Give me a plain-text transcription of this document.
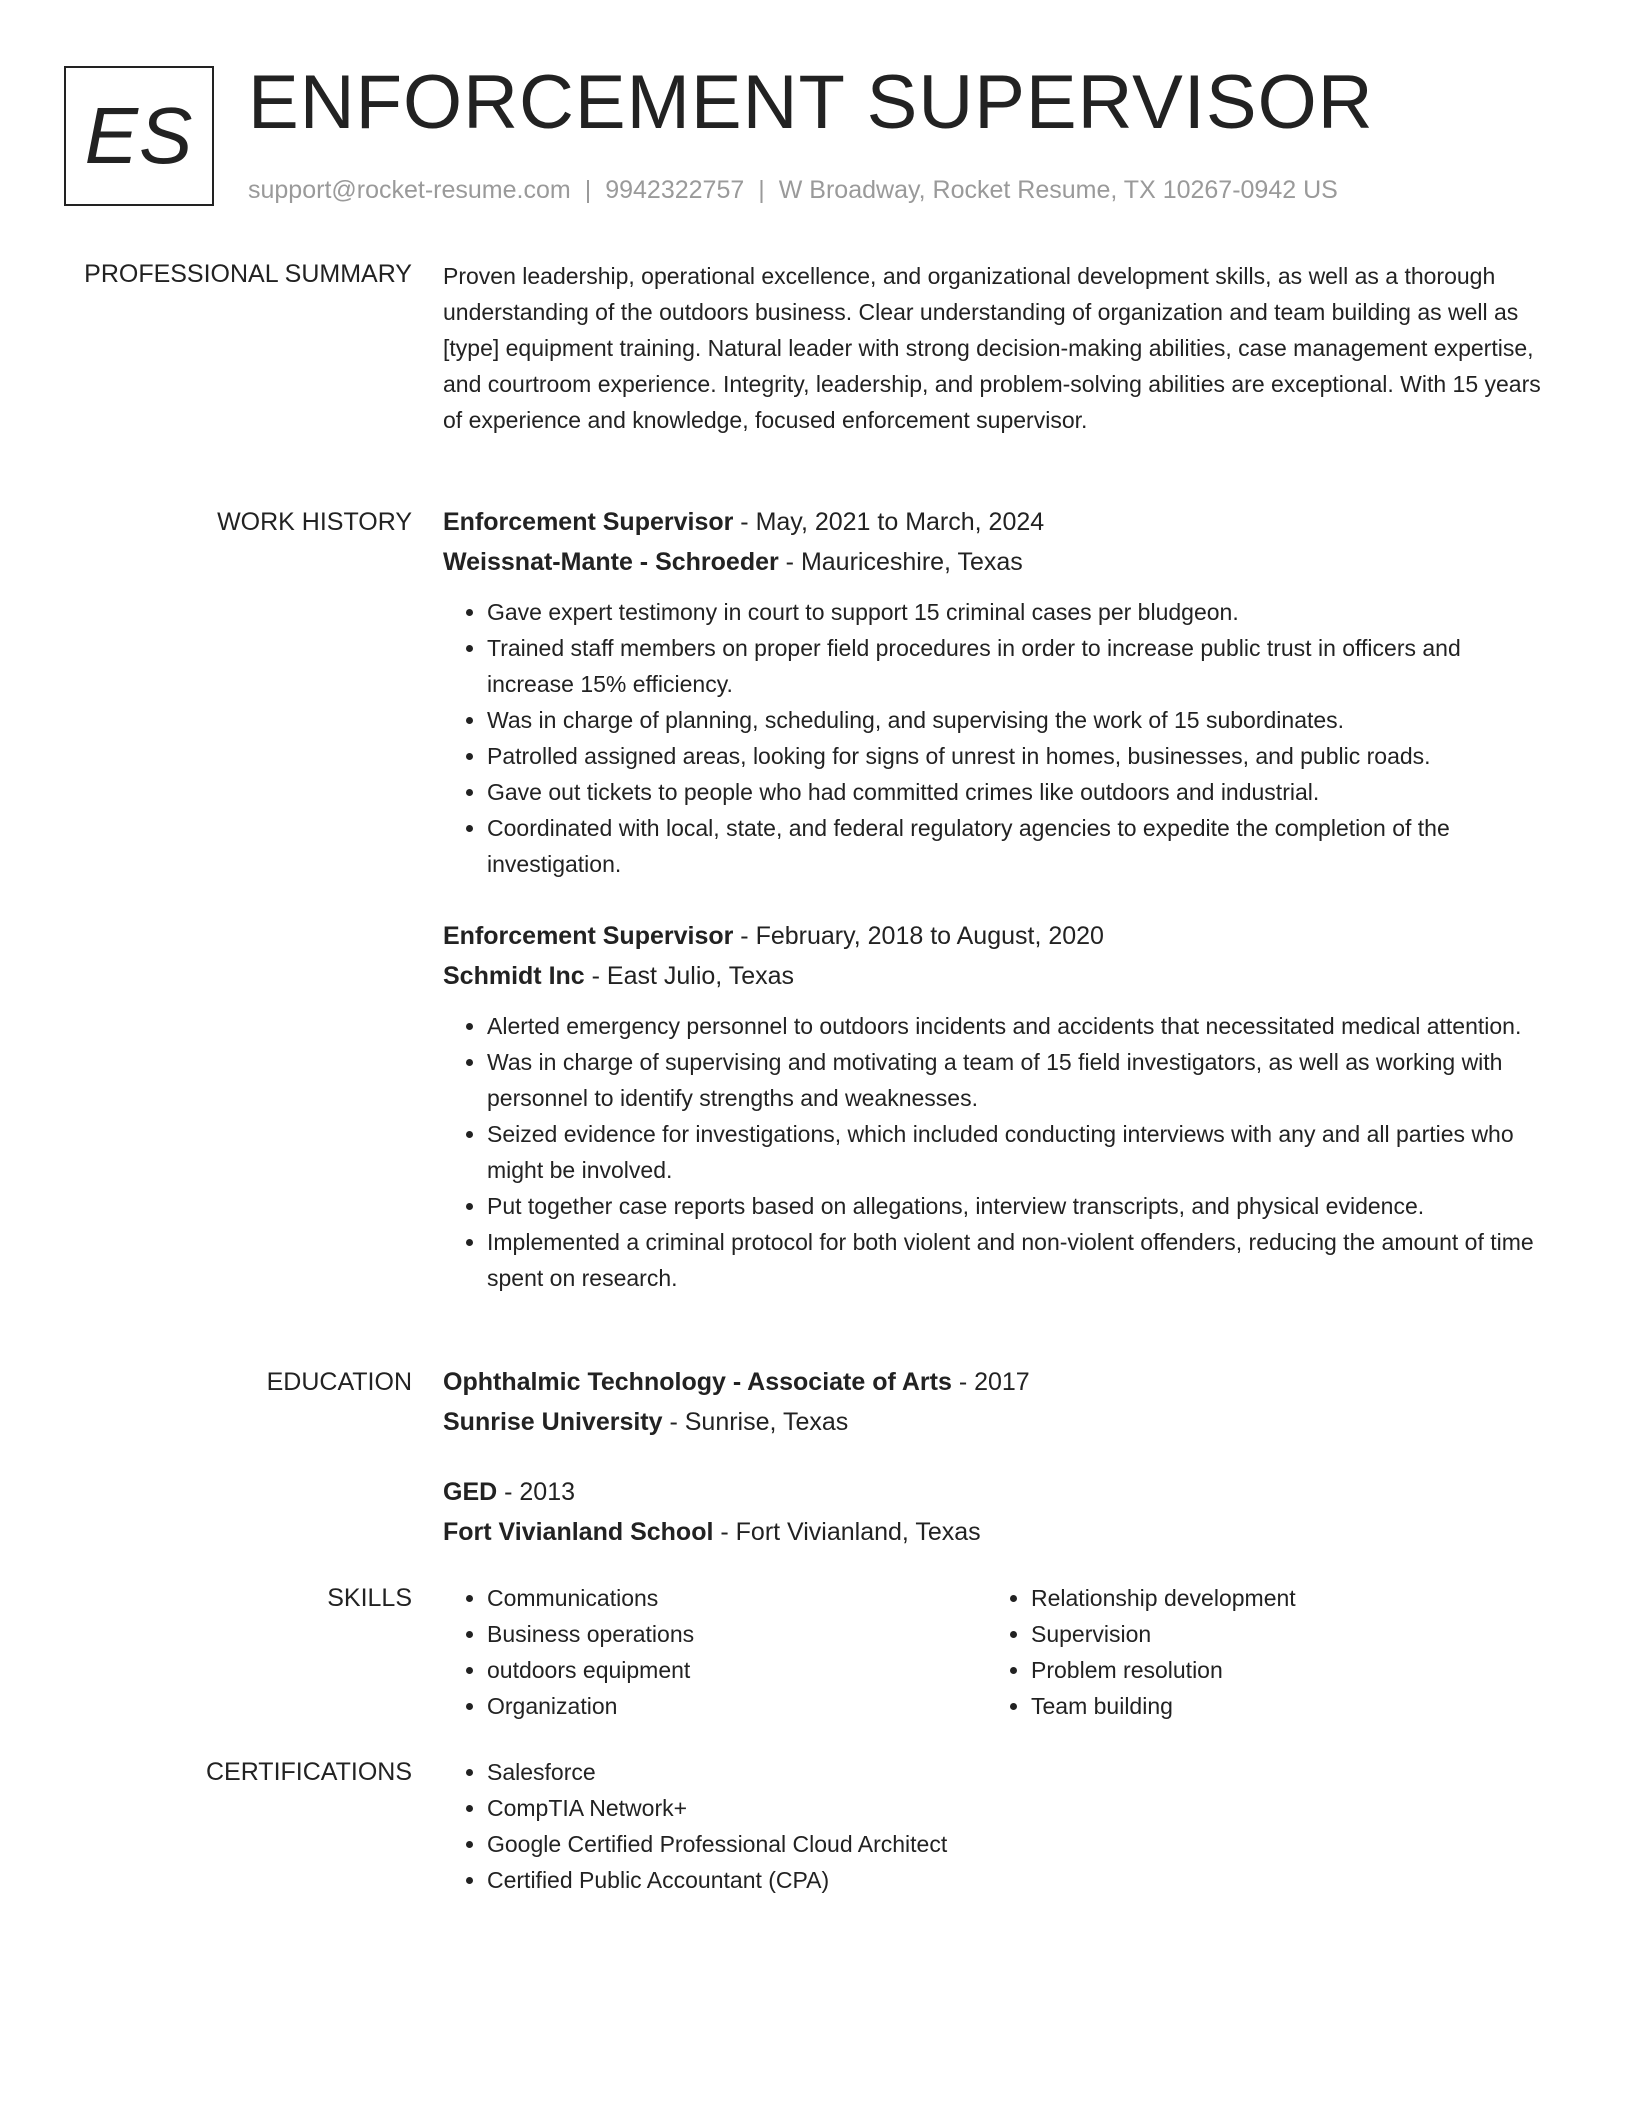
ES ENFORCEMENT SUPERVISOR
support@rocket-resume.com | 9942322757 | W Broadway, Rocket Resume, TX 10267-0942 US
PROFESSIONAL SUMMARY Proven leadership, operational excellence, and organizational development skills, as well as a thorough understanding of the outdoors business. Clear understanding of organization and team building as well as [type] equipment training. Natural leader with strong decision-making abilities, case management expertise, and courtroom experience. Integrity, leadership, and problem-solving abilities are exceptional. With 15 years of experience and knowledge, focused enforcement supervisor.

WORK HISTORY Enforcement Supervisor - May, 2021 to March, 2024
Weissnat-Mante - Schroeder - Mauriceshire, Texas
• Gave expert testimony in court to support 15 criminal cases per bludgeon.
• Trained staff members on proper field procedures in order to increase public trust in officers and increase 15% efficiency.
• Was in charge of planning, scheduling, and supervising the work of 15 subordinates.
• Patrolled assigned areas, looking for signs of unrest in homes, businesses, and public roads.
• Gave out tickets to people who had committed crimes like outdoors and industrial.
• Coordinated with local, state, and federal regulatory agencies to expedite the completion of the investigation.
Enforcement Supervisor - February, 2018 to August, 2020
Schmidt Inc - East Julio, Texas
• Alerted emergency personnel to outdoors incidents and accidents that necessitated medical attention.
• Was in charge of supervising and motivating a team of 15 field investigators, as well as working with personnel to identify strengths and weaknesses.
• Seized evidence for investigations, which included conducting interviews with any and all parties who might be involved.
• Put together case reports based on allegations, interview transcripts, and physical evidence.
• Implemented a criminal protocol for both violent and non-violent offenders, reducing the amount of time spent on research.
EDUCATION Ophthalmic Technology - Associate of Arts - 2017
Sunrise University - Sunrise, Texas
GED - 2013
Fort Vivianland School - Fort Vivianland, Texas
SKILLS	• Communications
• Business operations
• outdoors equipment
• Organization
• Relationship development
• Supervision
• Problem resolution
• Team building
CERTIFICATIONS	• Salesforce
• CompTIA Network+
• Google Certified Professional Cloud Architect
• Certified Public Accountant (CPA)
